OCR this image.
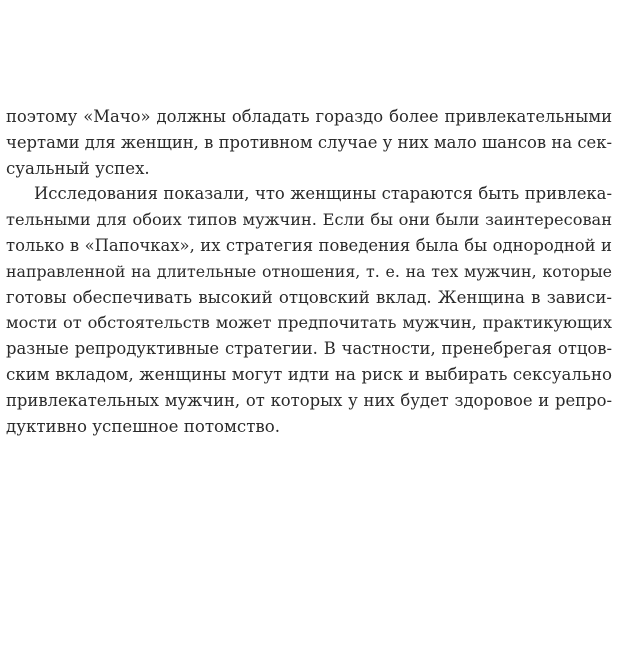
поэтому «Мачо» должны обладать гораздо более привлекательными
чертами для женщин, в противном случае у них мало шансов на сек-
суальный успех.
Исследования показали, что женщины стараются быть привлека-
тельными для обоих типов мужчин. Если бы они были заинтересован
только в «Папочках», их стратегия поведения была бы однородной и
направленной на длительные отношения, т. е. на тех мужчин, которые
готовы обеспечивать высокий отцовский вклад. Женщина в зависи-
мости от обстоятельств может предпочитать мужчин, практикующих
разные репродуктивные стратегии. В частности, пренебрегая отцов-
ским вкладом, женщины могут идти на риск и выбирать сексуально
привлекательных мужчин, от которых у них будет здоровое и репро-
дуктивно успешное потомство.
